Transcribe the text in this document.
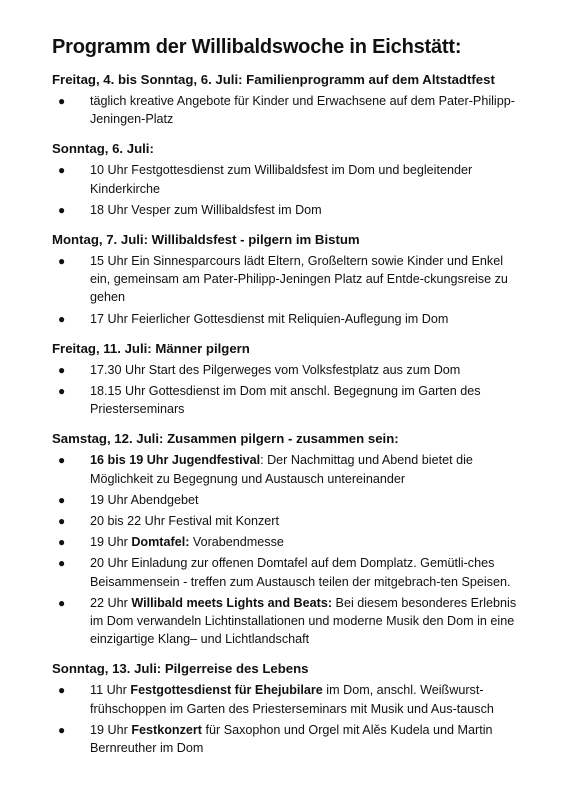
Programm der Willibaldswoche in Eichstätt:
Freitag, 4. bis Sonntag, 6. Juli: Familienprogramm auf dem Altstadtfest
● täglich kreative Angebote für Kinder und Erwachsene auf dem Pater-Philipp-Jeningen-Platz
Sonntag, 6. Juli:
● 10 Uhr Festgottesdienst zum Willibaldsfest im Dom und begleitender Kinderkirche
● 18 Uhr Vesper zum Willibaldsfest im Dom
Montag, 7. Juli: Willibaldsfest - pilgern im Bistum
● 15 Uhr Ein Sinnesparcours lädt Eltern, Großeltern sowie Kinder und Enkel ein, gemeinsam am Pater-Philipp-Jeningen Platz auf Entde-ckungsreise zu gehen
● 17 Uhr Feierlicher Gottesdienst mit Reliquien-Auflegung im Dom
Freitag, 11. Juli: Männer pilgern
● 17.30 Uhr Start des Pilgerweges vom Volksfestplatz aus zum Dom
● 18.15 Uhr Gottesdienst im Dom mit anschl. Begegnung im Garten des Priesterseminars
Samstag, 12. Juli: Zusammen pilgern - zusammen sein:
● 16 bis 19 Uhr Jugendfestival: Der Nachmittag und Abend bietet die Möglichkeit zu Begegnung und Austausch untereinander
● 19 Uhr Abendgebet
● 20 bis 22 Uhr Festival mit Konzert
● 19 Uhr Domtafel: Vorabendmesse
● 20 Uhr Einladung zur offenen Domtafel auf dem Domplatz. Gemütli-ches Beisammensein - treffen zum Austausch teilen der mitgebrach-ten Speisen.
● 22 Uhr Willibald meets Lights and Beats: Bei diesem besonderes Erlebnis im Dom verwandeln Lichtinstallationen und moderne Musik den Dom in eine einzigartige Klang– und Lichtlandschaft
Sonntag, 13. Juli: Pilgerreise des Lebens
● 11 Uhr Festgottesdienst für Ehejubilare im Dom, anschl. Weißwurst-frühschoppen im Garten des Priesterseminars mit Musik und Aus-tausch
● 19 Uhr Festkonzert für Saxophon und Orgel mit Alěs Kudela und Martin Bernreuther im Dom
